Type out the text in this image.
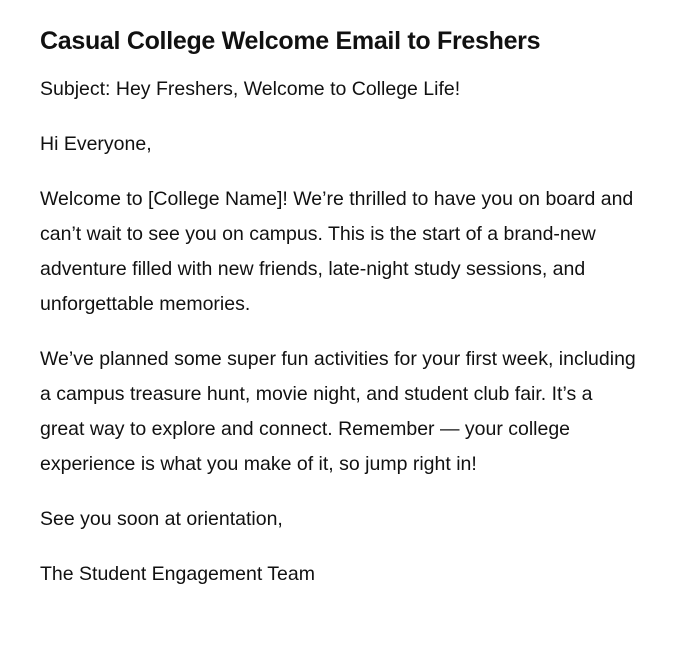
Casual College Welcome Email to Freshers

Subject: Hey Freshers, Welcome to College Life!

Hi Everyone,

Welcome to [College Name]! We’re thrilled to have you on board and can’t wait to see you on campus. This is the start of a brand-new adventure filled with new friends, late-night study sessions, and unforgettable memories.

We’ve planned some super fun activities for your first week, including a campus treasure hunt, movie night, and student club fair. It’s a great way to explore and connect. Remember — your college experience is what you make of it, so jump right in!

See you soon at orientation,

The Student Engagement Team
